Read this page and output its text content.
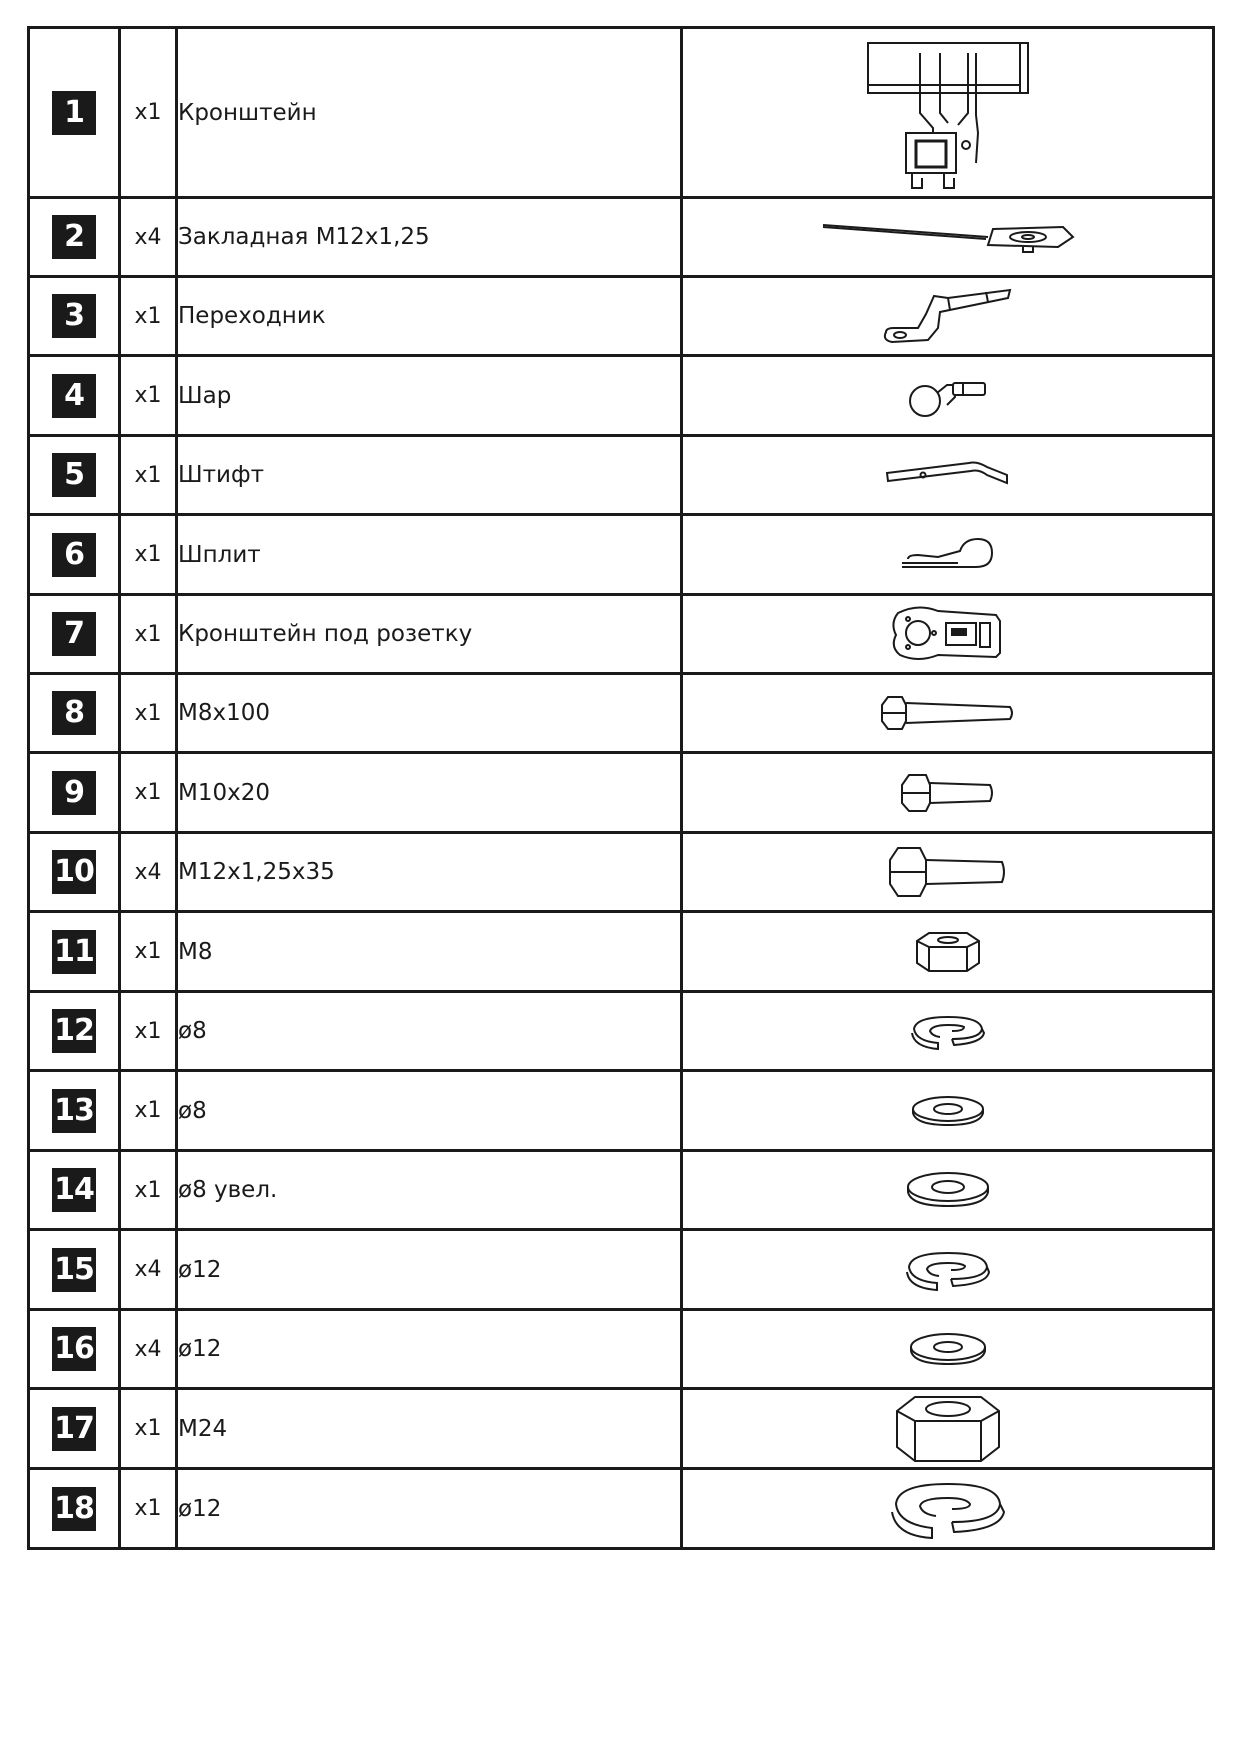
1	x1	Кронштейн	

2	x4	Закладная М12х1,25	

3	x1	Переходник	

4	x1	Шар	

5	x1	Штифт	

6	x1	Шплит	

7	x1	Кронштейн под розетку	

8	x1	M8x100	

9	x1	M10x20	

10	x4	M12x1,25x35	

11	x1	M8	

12	x1	ø8	

13	x1	ø8	

14	x1	ø8 увел.	

15	x4	ø12	

16	x4	ø12	

17	x1	M24	

18	x1	ø12	
